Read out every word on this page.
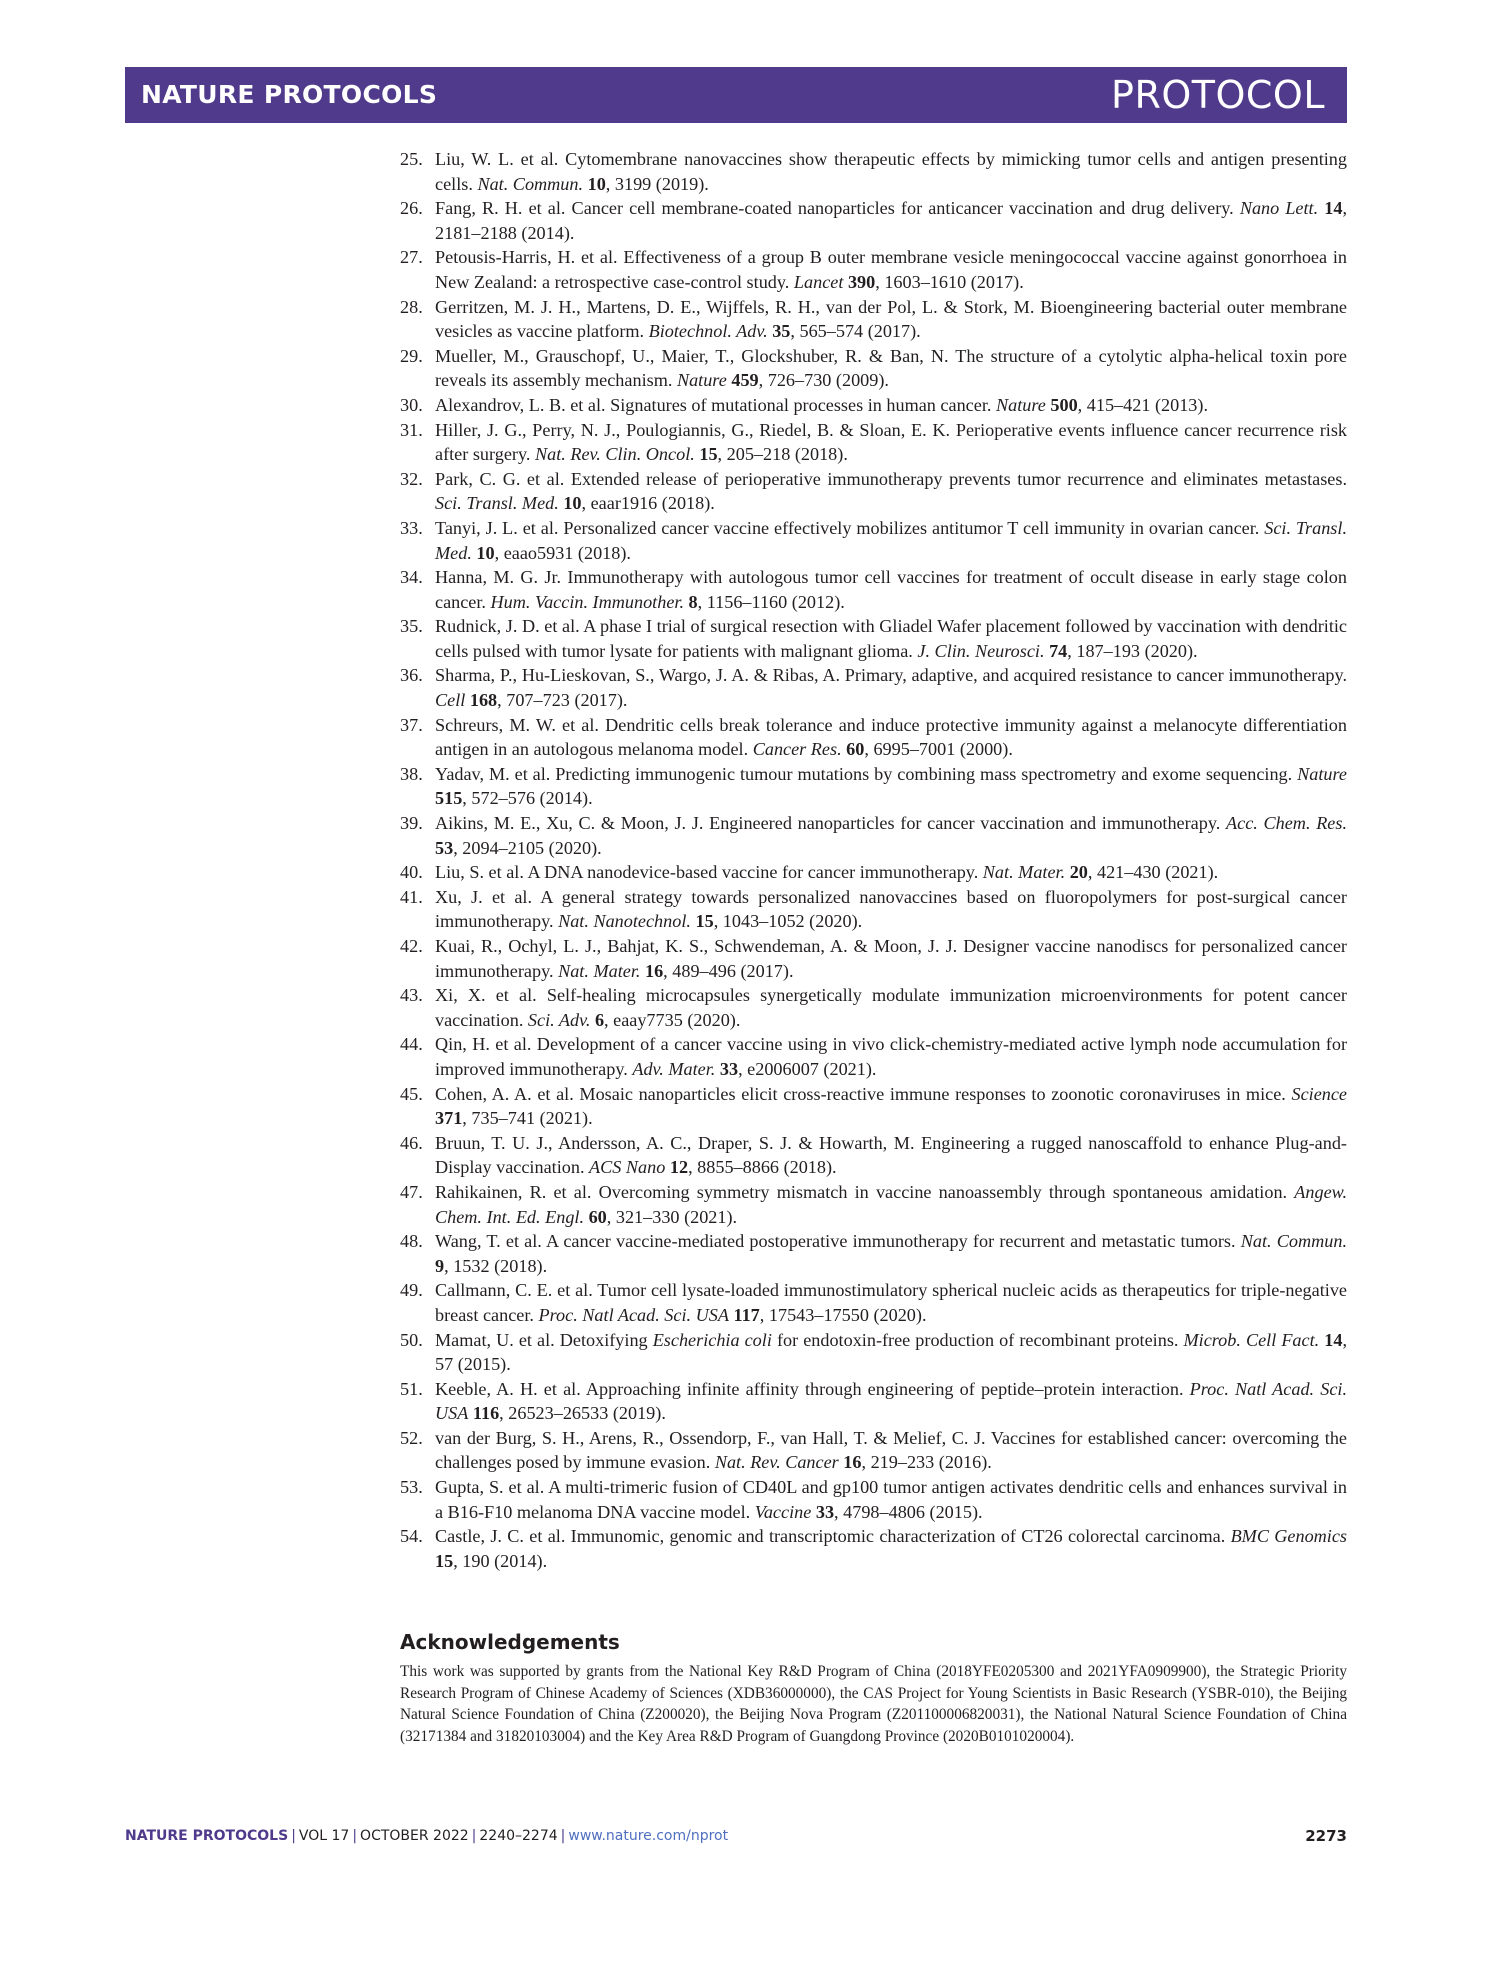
NATURE PROTOCOLS	PROTOCOL
25. Liu, W. L. et al. Cytomembrane nanovaccines show therapeutic effects by mimicking tumor cells and antigen presenting cells. Nat. Commun. 10, 3199 (2019).
26. Fang, R. H. et al. Cancer cell membrane-coated nanoparticles for anticancer vaccination and drug delivery. Nano Lett. 14, 2181–2188 (2014).
27. Petousis-Harris, H. et al. Effectiveness of a group B outer membrane vesicle meningococcal vaccine against gonorrhoea in New Zealand: a retrospective case-control study. Lancet 390, 1603–1610 (2017).
28. Gerritzen, M. J. H., Martens, D. E., Wijffels, R. H., van der Pol, L. & Stork, M. Bioengineering bacterial outer membrane vesicles as vaccine platform. Biotechnol. Adv. 35, 565–574 (2017).
29. Mueller, M., Grauschopf, U., Maier, T., Glockshuber, R. & Ban, N. The structure of a cytolytic alpha-helical toxin pore reveals its assembly mechanism. Nature 459, 726–730 (2009).
30. Alexandrov, L. B. et al. Signatures of mutational processes in human cancer. Nature 500, 415–421 (2013).
31. Hiller, J. G., Perry, N. J., Poulogiannis, G., Riedel, B. & Sloan, E. K. Perioperative events influence cancer recurrence risk after surgery. Nat. Rev. Clin. Oncol. 15, 205–218 (2018).
32. Park, C. G. et al. Extended release of perioperative immunotherapy prevents tumor recurrence and eliminates metastases. Sci. Transl. Med. 10, eaar1916 (2018).
33. Tanyi, J. L. et al. Personalized cancer vaccine effectively mobilizes antitumor T cell immunity in ovarian cancer. Sci. Transl. Med. 10, eaao5931 (2018).
34. Hanna, M. G. Jr. Immunotherapy with autologous tumor cell vaccines for treatment of occult disease in early stage colon cancer. Hum. Vaccin. Immunother. 8, 1156–1160 (2012).
35. Rudnick, J. D. et al. A phase I trial of surgical resection with Gliadel Wafer placement followed by vaccination with dendritic cells pulsed with tumor lysate for patients with malignant glioma. J. Clin. Neurosci. 74, 187–193 (2020).
36. Sharma, P., Hu-Lieskovan, S., Wargo, J. A. & Ribas, A. Primary, adaptive, and acquired resistance to cancer immunotherapy. Cell 168, 707–723 (2017).
37. Schreurs, M. W. et al. Dendritic cells break tolerance and induce protective immunity against a melanocyte differentiation antigen in an autologous melanoma model. Cancer Res. 60, 6995–7001 (2000).
38. Yadav, M. et al. Predicting immunogenic tumour mutations by combining mass spectrometry and exome sequencing. Nature 515, 572–576 (2014).
39. Aikins, M. E., Xu, C. & Moon, J. J. Engineered nanoparticles for cancer vaccination and immunotherapy. Acc. Chem. Res. 53, 2094–2105 (2020).
40. Liu, S. et al. A DNA nanodevice-based vaccine for cancer immunotherapy. Nat. Mater. 20, 421–430 (2021).
41. Xu, J. et al. A general strategy towards personalized nanovaccines based on fluoropolymers for post-surgical cancer immunotherapy. Nat. Nanotechnol. 15, 1043–1052 (2020).
42. Kuai, R., Ochyl, L. J., Bahjat, K. S., Schwendeman, A. & Moon, J. J. Designer vaccine nanodiscs for personalized cancer immunotherapy. Nat. Mater. 16, 489–496 (2017).
43. Xi, X. et al. Self-healing microcapsules synergetically modulate immunization microenvironments for potent cancer vaccination. Sci. Adv. 6, eaay7735 (2020).
44. Qin, H. et al. Development of a cancer vaccine using in vivo click-chemistry-mediated active lymph node accumulation for improved immunotherapy. Adv. Mater. 33, e2006007 (2021).
45. Cohen, A. A. et al. Mosaic nanoparticles elicit cross-reactive immune responses to zoonotic coronaviruses in mice. Science 371, 735–741 (2021).
46. Bruun, T. U. J., Andersson, A. C., Draper, S. J. & Howarth, M. Engineering a rugged nanoscaffold to enhance Plug-and-Display vaccination. ACS Nano 12, 8855–8866 (2018).
47. Rahikainen, R. et al. Overcoming symmetry mismatch in vaccine nanoassembly through spontaneous amidation. Angew. Chem. Int. Ed. Engl. 60, 321–330 (2021).
48. Wang, T. et al. A cancer vaccine-mediated postoperative immunotherapy for recurrent and metastatic tumors. Nat. Commun. 9, 1532 (2018).
49. Callmann, C. E. et al. Tumor cell lysate-loaded immunostimulatory spherical nucleic acids as therapeutics for triple-negative breast cancer. Proc. Natl Acad. Sci. USA 117, 17543–17550 (2020).
50. Mamat, U. et al. Detoxifying Escherichia coli for endotoxin-free production of recombinant proteins. Microb. Cell Fact. 14, 57 (2015).
51. Keeble, A. H. et al. Approaching infinite affinity through engineering of peptide–protein interaction. Proc. Natl Acad. Sci. USA 116, 26523–26533 (2019).
52. van der Burg, S. H., Arens, R., Ossendorp, F., van Hall, T. & Melief, C. J. Vaccines for established cancer: overcoming the challenges posed by immune evasion. Nat. Rev. Cancer 16, 219–233 (2016).
53. Gupta, S. et al. A multi-trimeric fusion of CD40L and gp100 tumor antigen activates dendritic cells and enhances survival in a B16-F10 melanoma DNA vaccine model. Vaccine 33, 4798–4806 (2015).
54. Castle, J. C. et al. Immunomic, genomic and transcriptomic characterization of CT26 colorectal carcinoma. BMC Genomics 15, 190 (2014).
Acknowledgements

This work was supported by grants from the National Key R&D Program of China (2018YFE0205300 and 2021YFA0909900), the Strategic Priority Research Program of Chinese Academy of Sciences (XDB36000000), the CAS Project for Young Scientists in Basic Research (YSBR-010), the Beijing Natural Science Foundation of China (Z200020), the Beijing Nova Program (Z201100006820031), the National Natural Science Foundation of China (32171384 and 31820103004) and the Key Area R&D Program of Guangdong Province (2020B0101020004).

NATURE PROTOCOLS | VOL 17 | OCTOBER 2022 | 2240–2274 | www.nature.com/nprot	2273
